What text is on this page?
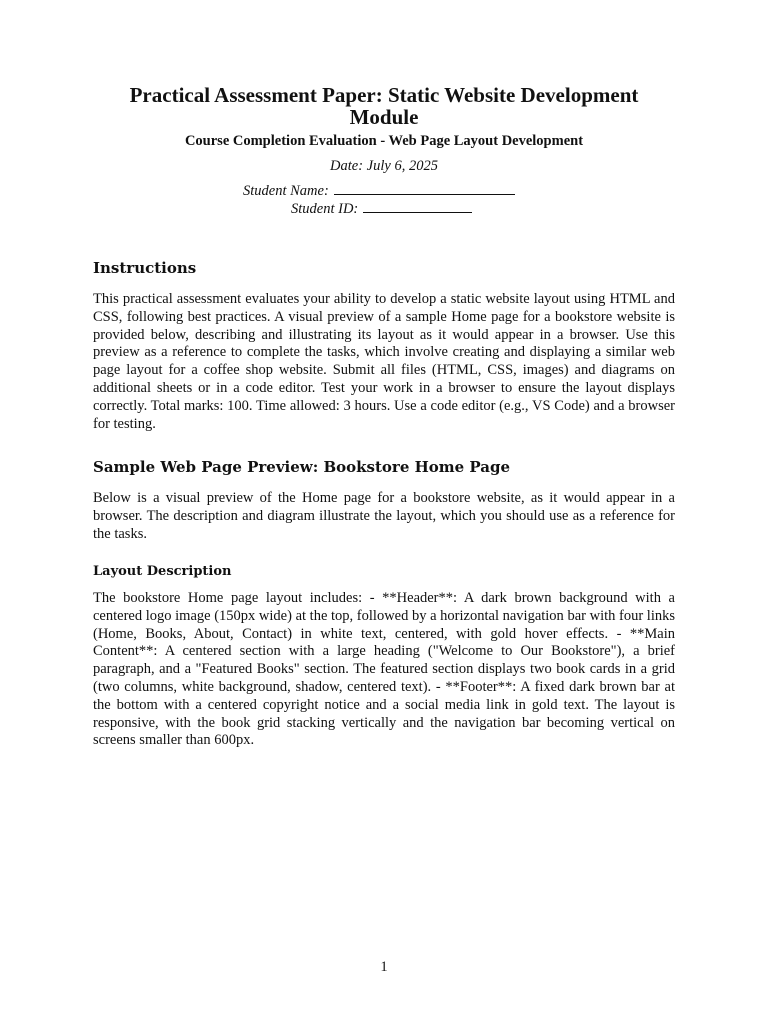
Practical Assessment Paper: Static Website Development Module
Course Completion Evaluation - Web Page Layout Development
Date: July 6, 2025
Student Name:
Student ID:
Instructions

This practical assessment evaluates your ability to develop a static website layout using HTML and CSS, following best practices. A visual preview of a sample Home page for a bookstore website is provided below, describing and illustrating its layout as it would appear in a browser. Use this preview as a reference to complete the tasks, which involve creating and displaying a similar web page layout for a coffee shop website. Submit all files (HTML, CSS, images) and diagrams on additional sheets or in a code editor. Test your work in a browser to ensure the layout displays correctly. Total marks: 100. Time allowed: 3 hours. Use a code editor (e.g., VS Code) and a browser for testing.

Sample Web Page Preview: Bookstore Home Page

Below is a visual preview of the Home page for a bookstore website, as it would appear in a browser. The description and diagram illustrate the layout, which you should use as a reference for the tasks.

Layout Description

The bookstore Home page layout includes: - **Header**: A dark brown background with a centered logo image (150px wide) at the top, followed by a horizontal navigation bar with four links (Home, Books, About, Contact) in white text, centered, with gold hover effects. - **Main Content**: A centered section with a large heading ("Welcome to Our Bookstore"), a brief paragraph, and a "Featured Books" section. The featured section displays two book cards in a grid (two columns, white background, shadow, centered text). - **Footer**: A fixed dark brown bar at the bottom with a centered copyright notice and a social media link in gold text. The layout is responsive, with the book grid stacking vertically and the navigation bar becoming vertical on screens smaller than 600px.

1
